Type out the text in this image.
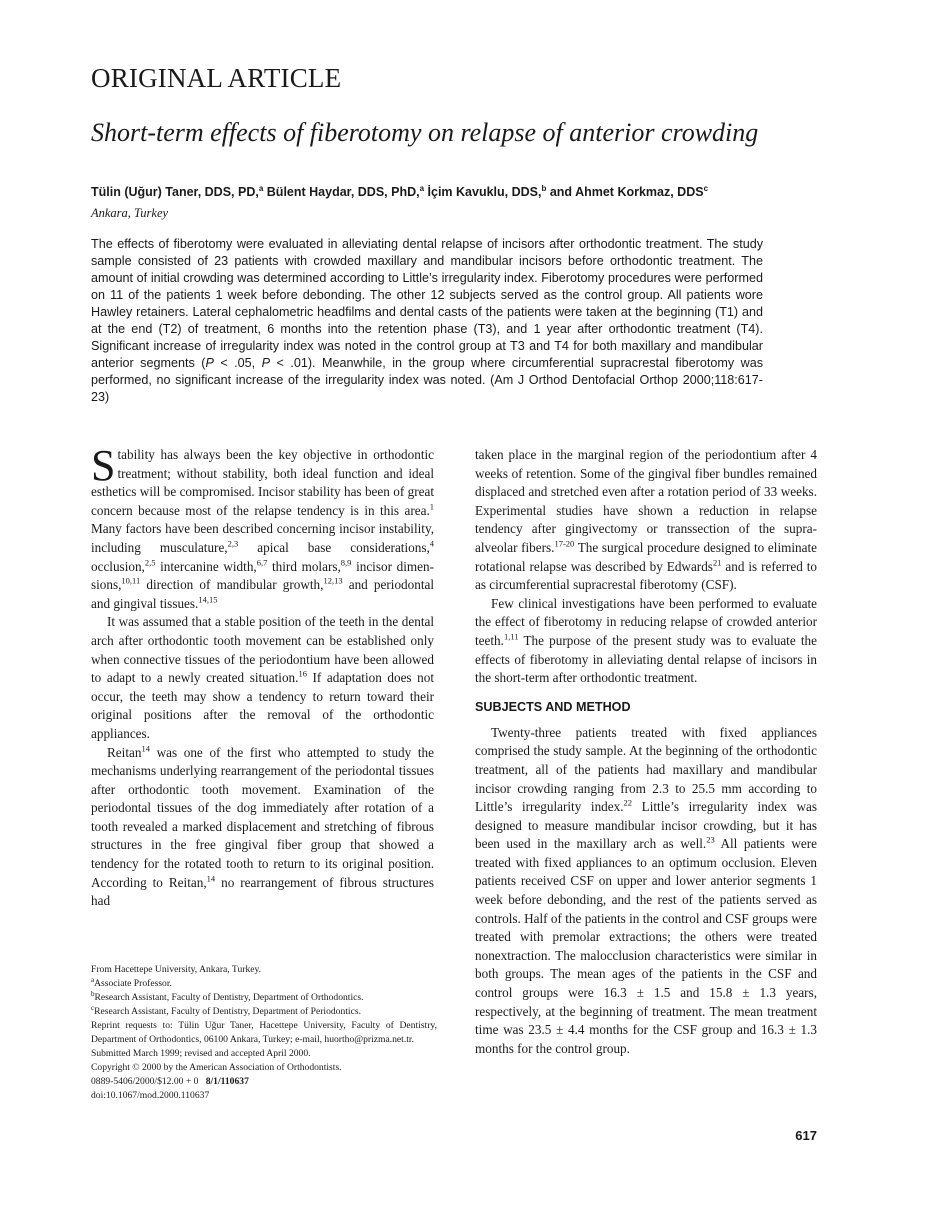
ORIGINAL ARTICLE
Short-term effects of fiberotomy on relapse of anterior crowding
Tülin (Uğur) Taner, DDS, PD,$^a$ Bülent Haydar, DDS, PhD,$^a$ İçim Kavuklu, DDS,$^b$ and Ahmet Korkmaz, DDS$^c$
Ankara, Turkey

The effects of fiberotomy were evaluated in alleviating dental relapse of incisors after orthodontic treatment. The study sample consisted of 23 patients with crowded maxillary and mandibular incisors before orthodontic treatment. The amount of initial crowding was determined according to Little’s irregularity index. Fiberotomy procedures were performed on 11 of the patients 1 week before debonding. The other 12 subjects served as the control group. All patients wore Hawley retainers. Lateral cephalometric headfilms and dental casts of the patients were taken at the beginning (T1) and at the end (T2) of treatment, 6 months into the retention phase (T3), and 1 year after orthodontic treatment (T4). Significant increase of irregularity index was noted in the control group at T3 and T4 for both maxillary and mandibular anterior segments (P < .05, P < .01). Meanwhile, in the group where circumferential supracrestal fiberotomy was performed, no significant increase of the irregularity index was noted. (Am J Orthod Dentofacial Orthop 2000;118:617-23)

Stability has always been the key objective in orthodontic treatment; without stability, both ideal function and ideal esthetics will be compromised. Incisor stability has been of great concern because most of the relapse tendency is in this area.$^1$ Many factors have been described concerning incisor instability, including musculature,$^{2,3}$ apical base considerations,$^4$ occlusion,$^{2,5}$ intercanine width,$^{6,7}$ third molars,$^{8,9}$ incisor dimensions,$^{10,11}$ direction of mandibular growth,$^{12,13}$ and periodontal and gingival tissues.$^{14,15}$

It was assumed that a stable position of the teeth in the dental arch after orthodontic tooth movement can be established only when connective tissues of the periodontium have been allowed to adapt to a newly created situation.$^{16}$ If adaptation does not occur, the teeth may show a tendency to return toward their original positions after the removal of the orthodontic appliances.

Reitan$^{14}$ was one of the first who attempted to study the mechanisms underlying rearrangement of the periodontal tissues after orthodontic tooth movement. Examination of the periodontal tissues of the dog immediately after rotation of a tooth revealed a marked displacement and stretching of fibrous structures in the free gingival fiber group that showed a tendency for the rotated tooth to return to its original position. According to Reitan,$^{14}$ no rearrangement of fibrous structures had

taken place in the marginal region of the periodontium after 4 weeks of retention. Some of the gingival fiber bundles remained displaced and stretched even after a rotation period of 33 weeks. Experimental studies have shown a reduction in relapse tendency after gingivectomy or transsection of the supra-alveolar fibers.$^{17-20}$ The surgical procedure designed to eliminate rotational relapse was described by Edwards$^{21}$ and is referred to as circumferential supracrestal fiberotomy (CSF).

Few clinical investigations have been performed to evaluate the effect of fiberotomy in reducing relapse of crowded anterior teeth.$^{1,11}$ The purpose of the present study was to evaluate the effects of fiberotomy in alleviating dental relapse of incisors in the short-term after orthodontic treatment.

SUBJECTS AND METHOD

Twenty-three patients treated with fixed appliances comprised the study sample. At the beginning of the orthodontic treatment, all of the patients had maxillary and mandibular incisor crowding ranging from 2.3 to 25.5 mm according to Little’s irregularity index.$^{22}$ Little’s irregularity index was designed to measure mandibular incisor crowding, but it has been used in the maxillary arch as well.$^{23}$ All patients were treated with fixed appliances to an optimum occlusion. Eleven patients received CSF on upper and lower anterior segments 1 week before debonding, and the rest of the patients served as controls. Half of the patients in the control and CSF groups were treated with premolar extractions; the others were treated nonextraction. The malocclusion characteristics were similar in both groups. The mean ages of the patients in the CSF and control groups were 16.3 ± 1.5 and 15.8 ± 1.3 years, respectively, at the beginning of treatment. The mean treatment time was 23.5 ± 4.4 months for the CSF group and 16.3 ± 1.3 months for the control group.

From Hacettepe University, Ankara, Turkey.
$^a$Associate Professor.
$^b$Research Assistant, Faculty of Dentistry, Department of Orthodontics.
$^c$Research Assistant, Faculty of Dentistry, Department of Periodontics.
Reprint requests to: Tülin Uğur Taner, Hacettepe University, Faculty of Dentistry, Department of Orthodontics, 06100 Ankara, Turkey; e-mail, huortho@​prizma.net.tr.
Submitted March 1999; revised and accepted April 2000.
Copyright © 2000 by the American Association of Orthodontists.
0889-5406/2000/$12.00 + 0 8/1/110637
doi:10.1067/mod.2000.110637
617
